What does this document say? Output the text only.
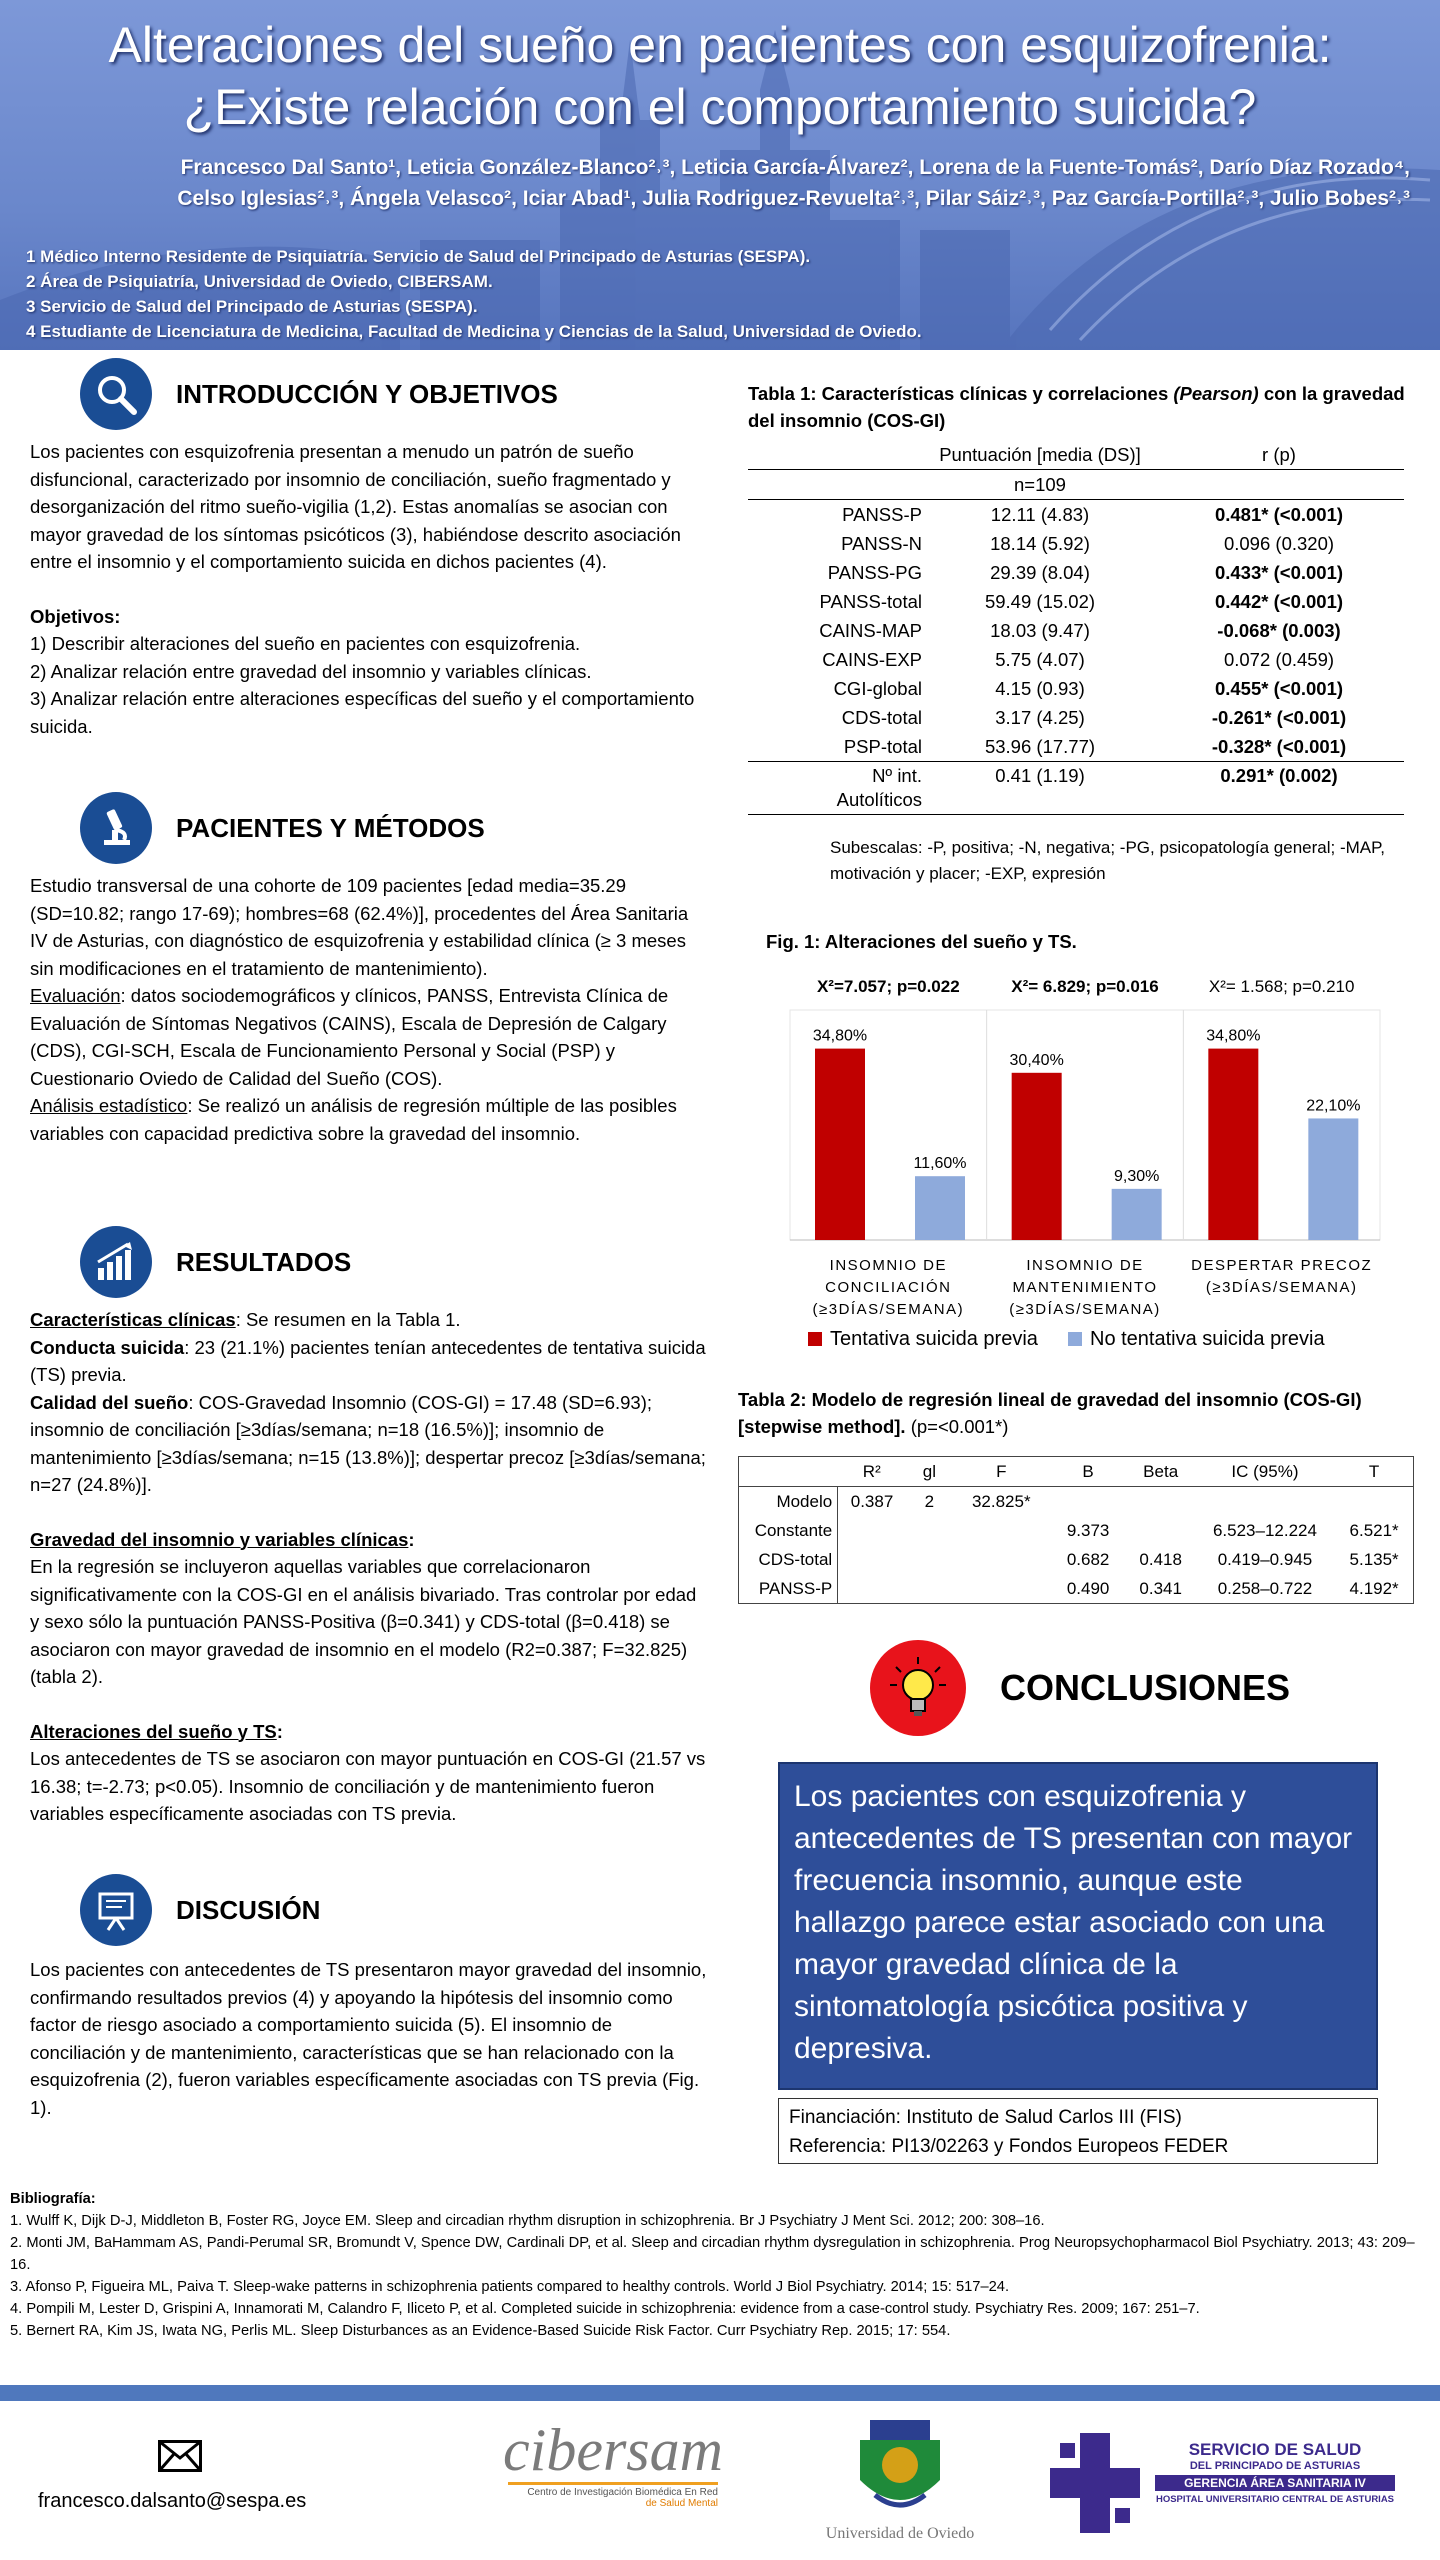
Alteraciones del sueño en pacientes con esquizofrenia:
¿Existe relación con el comportamiento suicida?
Francesco Dal Santo¹, Leticia González-Blanco²˒³, Leticia García-Álvarez², Lorena de la Fuente-Tomás², Darío Díaz Rozado⁴,
Celso Iglesias²˒³, Ángela Velasco², Iciar Abad¹, Julia Rodriguez-Revuelta²˒³, Pilar Sáiz²˒³, Paz García-Portilla²˒³, Julio Bobes²˒³
1 Médico Interno Residente de Psiquiatría. Servicio de Salud del Principado de Asturias (SESPA).
2 Área de Psiquiatría, Universidad de Oviedo, CIBERSAM.
3 Servicio de Salud del Principado de Asturias (SESPA).
4 Estudiante de Licenciatura de Medicina, Facultad de Medicina y Ciencias de la Salud, Universidad de Oviedo.
INTRODUCCIÓN Y OBJETIVOS

Los pacientes con esquizofrenia presentan a menudo un patrón de sueño disfuncional, caracterizado por insomnio de conciliación, sueño fragmentado y desorganización del ritmo sueño-vigilia (1,2). Estas anomalías se asocian con mayor gravedad de los síntomas psicóticos (3), habiéndose descrito asociación entre el insomnio y el comportamiento suicida en dichos pacientes (4).

Objetivos:

1) Describir alteraciones del sueño en pacientes con esquizofrenia.

2) Analizar relación entre gravedad del insomnio y variables clínicas.

3) Analizar relación entre alteraciones específicas del sueño y el comportamiento suicida.

PACIENTES Y MÉTODOS

Estudio transversal de una cohorte de 109 pacientes [edad media=35.29 (SD=10.82; rango 17-69); hombres=68 (62.4%)], procedentes del Área Sanitaria IV de Asturias, con diagnóstico de esquizofrenia y estabilidad clínica (≥ 3 meses sin modificaciones en el tratamiento de mantenimiento).

Evaluación: datos sociodemográficos y clínicos, PANSS, Entrevista Clínica de Evaluación de Síntomas Negativos (CAINS), Escala de Depresión de Calgary (CDS), CGI-SCH, Escala de Funcionamiento Personal y Social (PSP) y Cuestionario Oviedo de Calidad del Sueño (COS).

Análisis estadístico: Se realizó un análisis de regresión múltiple de las posibles variables con capacidad predictiva sobre la gravedad del insomnio.

RESULTADOS

Características clínicas: Se resumen en la Tabla 1.

Conducta suicida: 23 (21.1%) pacientes tenían antecedentes de tentativa suicida (TS) previa.

Calidad del sueño: COS-Gravedad Insomnio (COS-GI) = 17.48 (SD=6.93); insomnio de conciliación [≥3días/semana; n=18 (16.5%)]; insomnio de mantenimiento [≥3días/semana; n=15 (13.8%)]; despertar precoz [≥3días/semana; n=27 (24.8%)].

Gravedad del insomnio y variables clínicas:

En la regresión se incluyeron aquellas variables que correlacionaron significativamente con la COS-GI en el análisis bivariado. Tras controlar por edad y sexo sólo la puntuación PANSS-Positiva (β=0.341) y CDS-total (β=0.418) se asociaron con mayor gravedad de insomnio en el modelo (R2=0.387; F=32.825) (tabla 2).

Alteraciones del sueño y TS:

Los antecedentes de TS se asociaron con mayor puntuación en COS-GI (21.57 vs 16.38; t=-2.73; p<0.05). Insomnio de conciliación y de mantenimiento fueron variables específicamente asociadas con TS previa.

DISCUSIÓN
Los pacientes con antecedentes de TS presentaron mayor gravedad del insomnio, confirmando resultados previos (4) y apoyando la hipótesis del insomnio como factor de riesgo asociado a comportamiento suicida (5). El insomnio de conciliación y de mantenimiento, características que se han relacionado con la esquizofrenia (2), fueron variables específicamente asociadas con TS previa (Fig. 1).
Tabla 1: Características clínicas y correlaciones (Pearson) con la gravedad del insomnio (COS-GI)
	Puntuación [media (DS)]	r (p)
	n=109	
PANSS-P	12.11 (4.83)	0.481* (<0.001)
PANSS-N	18.14 (5.92)	0.096 (0.320)
PANSS-PG	29.39 (8.04)	0.433* (<0.001)
PANSS-total	59.49 (15.02)	0.442* (<0.001)
CAINS-MAP	18.03 (9.47)	-0.068* (0.003)
CAINS-EXP	5.75 (4.07)	0.072 (0.459)
CGI-global	4.15 (0.93)	0.455* (<0.001)
CDS-total	3.17 (4.25)	-0.261* (<0.001)
PSP-total	53.96 (17.77)	-0.328* (<0.001)

Nº int.
Autolíticos	0.41 (1.19)	0.291* (0.002)
Subescalas: -P, positiva; -N, negativa; -PG, psicopatología general; -MAP, motivación y placer; -EXP, expresión
Fig. 1: Alteraciones del sueño y TS.
X²=7.057; p=0.022
34,80%
11,60%
INSOMNIO DE
CONCILIACIÓN
(≥3DÍAS/SEMANA)
X²= 6.829; p=0.016
30,40%
9,30%
INSOMNIO DE
MANTENIMIENTO
(≥3DÍAS/SEMANA)
X²= 1.568; p=0.210
34,80%
22,10%
DESPERTAR PRECOZ
(≥3DÍAS/SEMANA)
Tentativa suicida previa	No tentativa suicida previa
Tabla 2: Modelo de regresión lineal de gravedad del insomnio (COS-GI) [stepwise method]. (p=<0.001*)
	R²	gl	F	B	Beta	IC (95%)	T
Modelo	0.387	2	32.825*				
Constante				9.373		6.523–12.224	6.521*
CDS-total				0.682	0.418	0.419–0.945	5.135*
PANSS-P				0.490	0.341	0.258–0.722	4.192*
CONCLUSIONES
Los pacientes con esquizofrenia y antecedentes de TS presentan con mayor frecuencia insomnio, aunque este hallazgo parece estar asociado con una mayor gravedad clínica de la sintomatología psicótica positiva y depresiva.
Financiación: Instituto de Salud Carlos III (FIS)
Referencia: PI13/02263 y Fondos Europeos FEDER
Bibliografía:
1. Wulff K, Dijk D-J, Middleton B, Foster RG, Joyce EM. Sleep and circadian rhythm disruption in schizophrenia. Br J Psychiatry J Ment Sci. 2012; 200: 308–16.
2. Monti JM, BaHammam AS, Pandi-Perumal SR, Bromundt V, Spence DW, Cardinali DP, et al. Sleep and circadian rhythm dysregulation in schizophrenia. Prog Neuropsychopharmacol Biol Psychiatry. 2013; 43: 209–16.
3. Afonso P, Figueira ML, Paiva T. Sleep-wake patterns in schizophrenia patients compared to healthy controls. World J Biol Psychiatry. 2014; 15: 517–24.
4. Pompili M, Lester D, Grispini A, Innamorati M, Calandro F, Iliceto P, et al. Completed suicide in schizophrenia: evidence from a case-control study. Psychiatry Res. 2009; 167: 251–7.
5. Bernert RA, Kim JS, Iwata NG, Perlis ML. Sleep Disturbances as an Evidence-Based Suicide Risk Factor. Curr Psychiatry Rep. 2015; 17: 554.
francesco.dalsanto@sespa.es
cibersam
Centro de Investigación Biomédica En Red
de Salud Mental
Universidad de Oviedo
SERVICIO DE SALUD
DEL PRINCIPADO DE ASTURIAS
GERENCIA ÁREA SANITARIA IV
HOSPITAL UNIVERSITARIO CENTRAL DE ASTURIAS
